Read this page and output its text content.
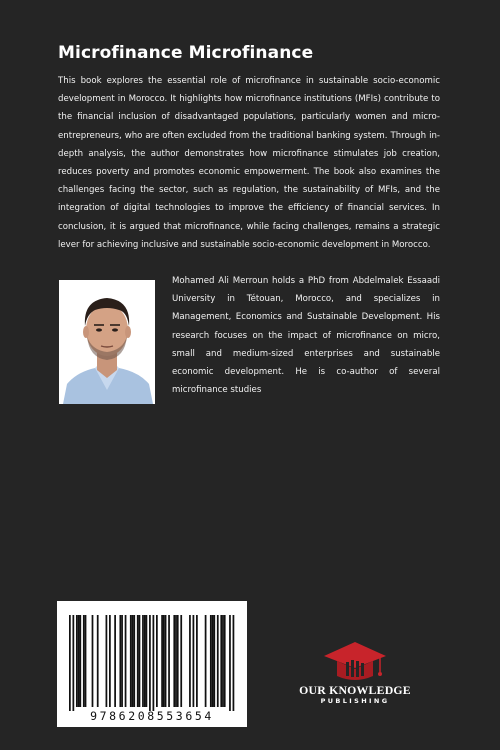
Microfinance Microfinance

This book explores the essential role of microfinance in sustainable socio-economic development in Morocco. It highlights how microfinance institutions (MFIs) contribute to the financial inclusion of disadvantaged populations, particularly women and micro-entrepreneurs, who are often excluded from the traditional banking system. Through in-depth analysis, the author demonstrates how microfinance stimulates job creation, reduces poverty and promotes economic empowerment. The book also examines the challenges facing the sector, such as regulation, the sustainability of MFIs, and the integration of digital technologies to improve the efficiency of financial services. In conclusion, it is argued that microfinance, while facing challenges, remains a strategic lever for achieving inclusive and sustainable socio-economic development in Morocco.

Mohamed Ali Merroun holds a PhD from Abdelmalek Essaadi University in Tétouan, Morocco, and specializes in Management, Economics and Sustainable Development. His research focuses on the impact of microfinance on micro, small and medium-sized enterprises and sustainable economic development. He is co-author of several microfinance studies

9786208553654
OUR KNOWLEDGE
PUBLISHING
